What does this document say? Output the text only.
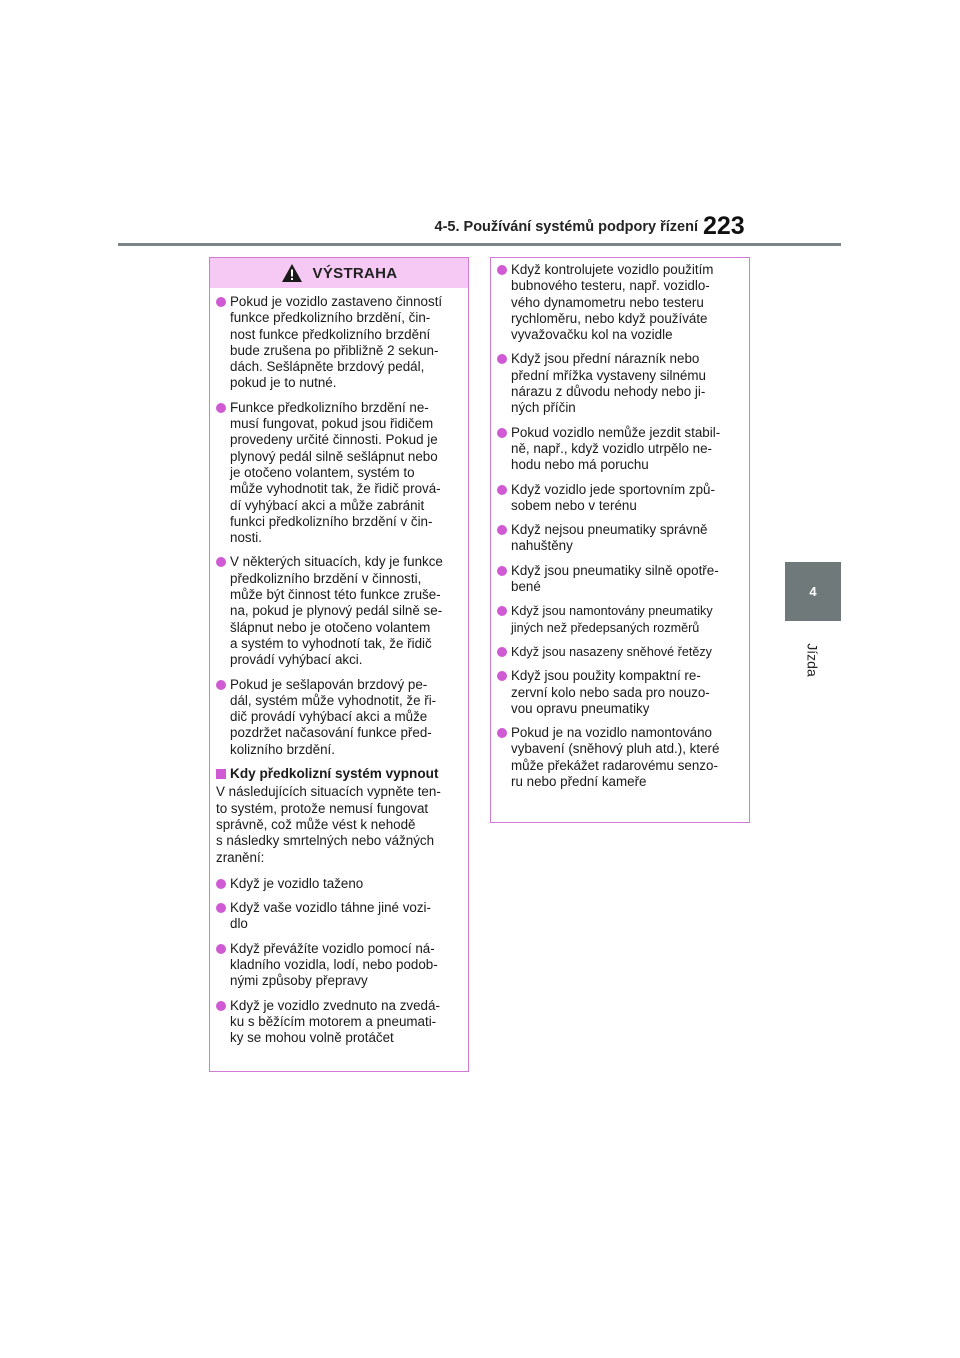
4-5. Používání systémů podpory řízení 223
4
Jízda
VÝSTRAHA
Pokud je vozidlo zastaveno činností
funkce předkolizního brzdění, čin-
nost funkce předkolizního brzdění
bude zrušena po přibližně 2 sekun-
dách. Sešlápněte brzdový pedál,
pokud je to nutné.
Funkce předkolizního brzdění ne-
musí fungovat, pokud jsou řidičem
provedeny určité činnosti. Pokud je
plynový pedál silně sešlápnut nebo
je otočeno volantem, systém to
může vyhodnotit tak, že řidič prová-
dí vyhýbací akci a může zabránit
funkci předkolizního brzdění v čin-
nosti.
V některých situacích, kdy je funkce
předkolizního brzdění v činnosti,
může být činnost této funkce zruše-
na, pokud je plynový pedál silně se-
šlápnut nebo je otočeno volantem
a systém to vyhodnotí tak, že řidič
provádí vyhýbací akci.
Pokud je sešlapován brzdový pe-
dál, systém může vyhodnotit, že ři-
dič provádí vyhýbací akci a může
pozdržet načasování funkce před-
kolizního brzdění.
Kdy předkolizní systém vypnout
V následujících situacích vypněte ten-
to systém, protože nemusí fungovat
správně, což může vést k nehodě
s následky smrtelných nebo vážných
zranění:
Když je vozidlo taženo
Když vaše vozidlo táhne jiné vozi-
dlo
Když převážíte vozidlo pomocí ná-
kladního vozidla, lodí, nebo podob-
nými způsoby přepravy
Když je vozidlo zvednuto na zvedá-
ku s běžícím motorem a pneumati-
ky se mohou volně protáčet
Když kontrolujete vozidlo použitím
bubnového testeru, např. vozidlo-
vého dynamometru nebo testeru
rychloměru, nebo když používáte
vyvažovačku kol na vozidle
Když jsou přední nárazník nebo
přední mřížka vystaveny silnému
nárazu z důvodu nehody nebo ji-
ných příčin
Pokud vozidlo nemůže jezdit stabil-
ně, např., když vozidlo utrpělo ne-
hodu nebo má poruchu
Když vozidlo jede sportovním způ-
sobem nebo v terénu
Když nejsou pneumatiky správně
nahuštěny
Když jsou pneumatiky silně opotře-
bené
Když jsou namontovány pneumatiky
jiných než předepsaných rozměrů
Když jsou nasazeny sněhové řetězy
Když jsou použity kompaktní re-
zervní kolo nebo sada pro nouzo-
vou opravu pneumatiky
Pokud je na vozidlo namontováno
vybavení (sněhový pluh atd.), které
může překážet radarovému senzo-
ru nebo přední kameře
